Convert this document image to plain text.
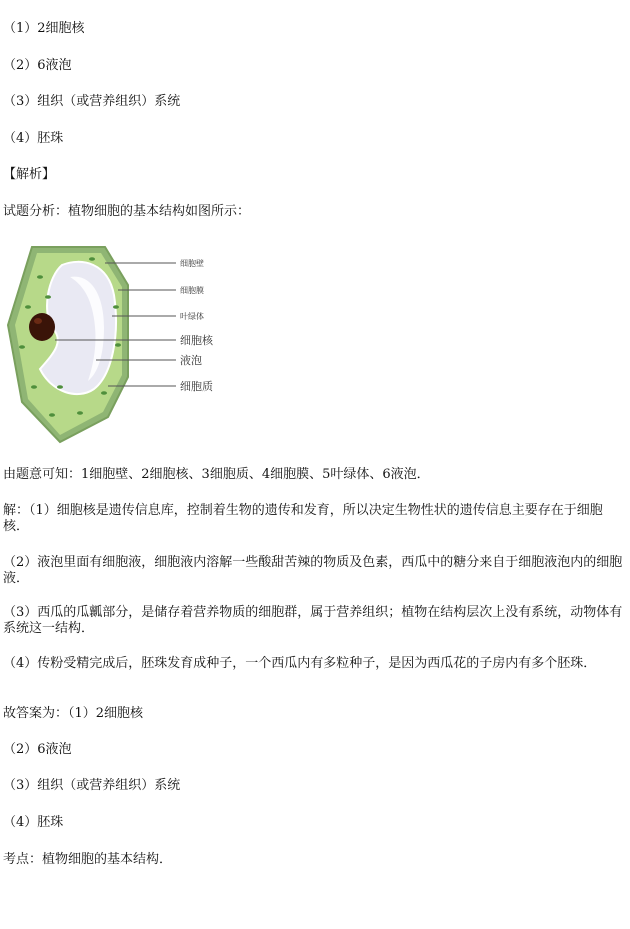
（1）2细胞核
（2）6液泡
（3）组织（或营养组织）系统
（4）胚珠
【解析】
试题分析：植物细胞的基本结构如图所示：
细胞壁
细胞膜
叶绿体
细胞核
液泡
细胞质
由题意可知：1细胞壁、2细胞核、3细胞质、4细胞膜、5叶绿体、6液泡．
解：（1）细胞核是遗传信息库，控制着生物的遗传和发育，所以决定生物性状的遗传信息主要存在于细胞核．
（2）液泡里面有细胞液，细胞液内溶解一些酸甜苦辣的物质及色素，西瓜中的糖分来自于细胞液泡内的细胞液．
（3）西瓜的瓜瓤部分，是储存着营养物质的细胞群，属于营养组织；植物在结构层次上没有系统，动物体有系统这一结构．
（4）传粉受精完成后，胚珠发育成种子，一个西瓜内有多粒种子，是因为西瓜花的子房内有多个胚珠．
故答案为：（1）2细胞核
（2）6液泡
（3）组织（或营养组织）系统
（4）胚珠
考点：植物细胞的基本结构．
